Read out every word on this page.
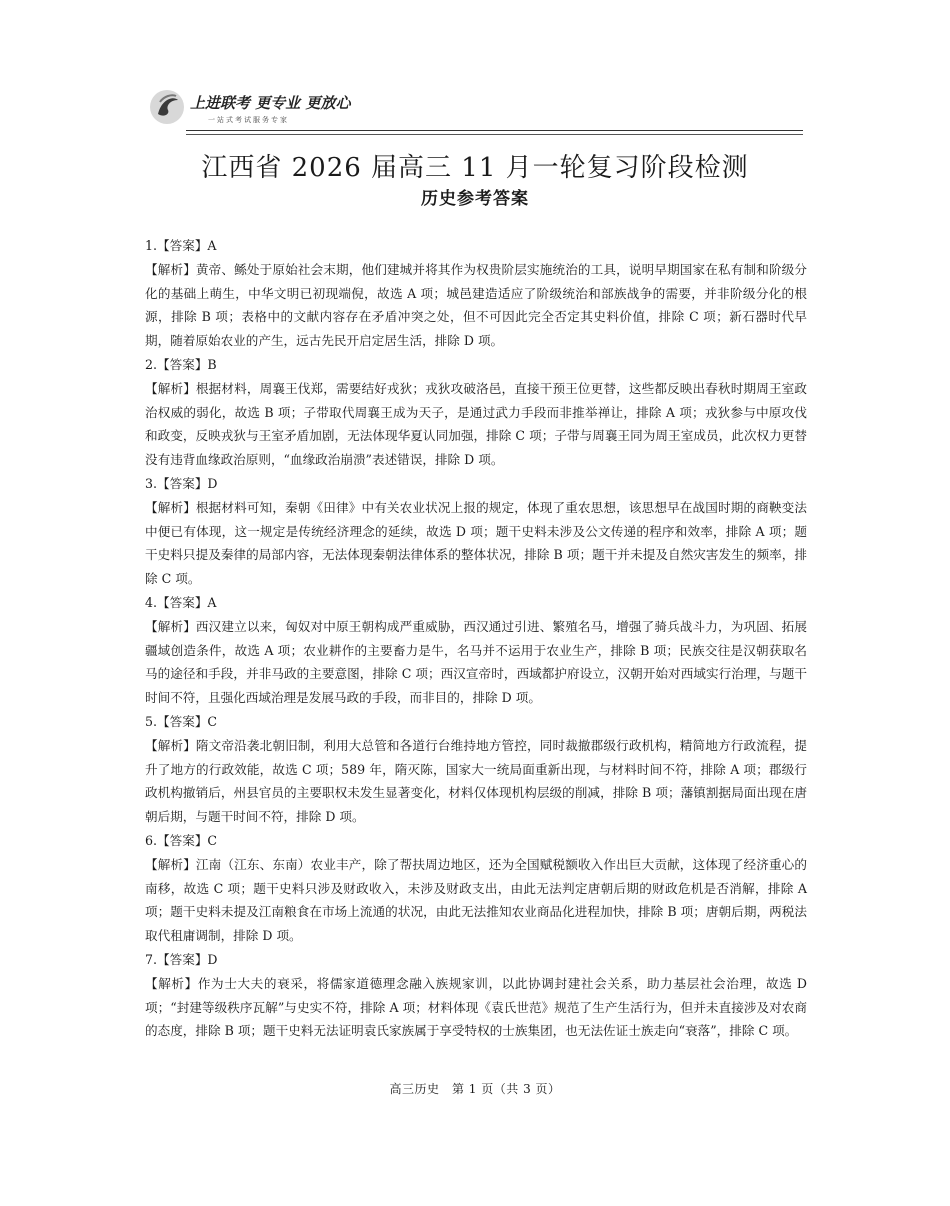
上进联考 更专业 更放心
一站式考试服务专家
江西省 2026 届高三 11 月一轮复习阶段检测
历史参考答案
1.【答案】A
【解析】黄帝、鲧处于原始社会末期，他们建城并将其作为权贵阶层实施统治的工具，说明早期国家在私有制和阶级分化的基础上萌生，中华文明已初现端倪，故选 A 项；城邑建造适应了阶级统治和部族战争的需要，并非阶级分化的根源，排除 B 项；表格中的文献内容存在矛盾冲突之处，但不可因此完全否定其史料价值，排除 C 项；新石器时代早期，随着原始农业的产生，远古先民开启定居生活，排除 D 项。
2.【答案】B
【解析】根据材料，周襄王伐郑，需要结好戎狄；戎狄攻破洛邑，直接干预王位更替，这些都反映出春秋时期周王室政治权威的弱化，故选 B 项；子带取代周襄王成为天子，是通过武力手段而非推举禅让，排除 A 项；戎狄参与中原攻伐和政变，反映戎狄与王室矛盾加剧，无法体现华夏认同加强，排除 C 项；子带与周襄王同为周王室成员，此次权力更替没有违背血缘政治原则，“血缘政治崩溃”表述错误，排除 D 项。
3.【答案】D
【解析】根据材料可知，秦朝《田律》中有关农业状况上报的规定，体现了重农思想，该思想早在战国时期的商鞅变法中便已有体现，这一规定是传统经济理念的延续，故选 D 项；题干史料未涉及公文传递的程序和效率，排除 A 项；题干史料只提及秦律的局部内容，无法体现秦朝法律体系的整体状况，排除 B 项；题干并未提及自然灾害发生的频率，排除 C 项。
4.【答案】A
【解析】西汉建立以来，匈奴对中原王朝构成严重威胁，西汉通过引进、繁殖名马，增强了骑兵战斗力，为巩固、拓展疆域创造条件，故选 A 项；农业耕作的主要畜力是牛，名马并不运用于农业生产，排除 B 项；民族交往是汉朝获取名马的途径和手段，并非马政的主要意图，排除 C 项；西汉宣帝时，西域都护府设立，汉朝开始对西域实行治理，与题干时间不符，且强化西域治理是发展马政的手段，而非目的，排除 D 项。
5.【答案】C
【解析】隋文帝沿袭北朝旧制，利用大总管和各道行台维持地方管控，同时裁撤郡级行政机构，精简地方行政流程，提升了地方的行政效能，故选 C 项；589 年，隋灭陈，国家大一统局面重新出现，与材料时间不符，排除 A 项；郡级行政机构撤销后，州县官员的主要职权未发生显著变化，材料仅体现机构层级的削减，排除 B 项；藩镇割据局面出现在唐朝后期，与题干时间不符，排除 D 项。
6.【答案】C
【解析】江南（江东、东南）农业丰产，除了帮扶周边地区，还为全国赋税额收入作出巨大贡献，这体现了经济重心的南移，故选 C 项；题干史料只涉及财政收入，未涉及财政支出，由此无法判定唐朝后期的财政危机是否消解，排除 A 项；题干史料未提及江南粮食在市场上流通的状况，由此无法推知农业商品化进程加快，排除 B 项；唐朝后期，两税法取代租庸调制，排除 D 项。
7.【答案】D
【解析】作为士大夫的衰采，将儒家道德理念融入族规家训，以此协调封建社会关系，助力基层社会治理，故选 D 项；“封建等级秩序瓦解”与史实不符，排除 A 项；材料体现《袁氏世范》规范了生产生活行为，但并未直接涉及对农商的态度，排除 B 项；题干史料无法证明袁氏家族属于享受特权的士族集团，也无法佐证士族走向“衰落”，排除 C 项。
高三历史　第 1 页（共 3 页）
